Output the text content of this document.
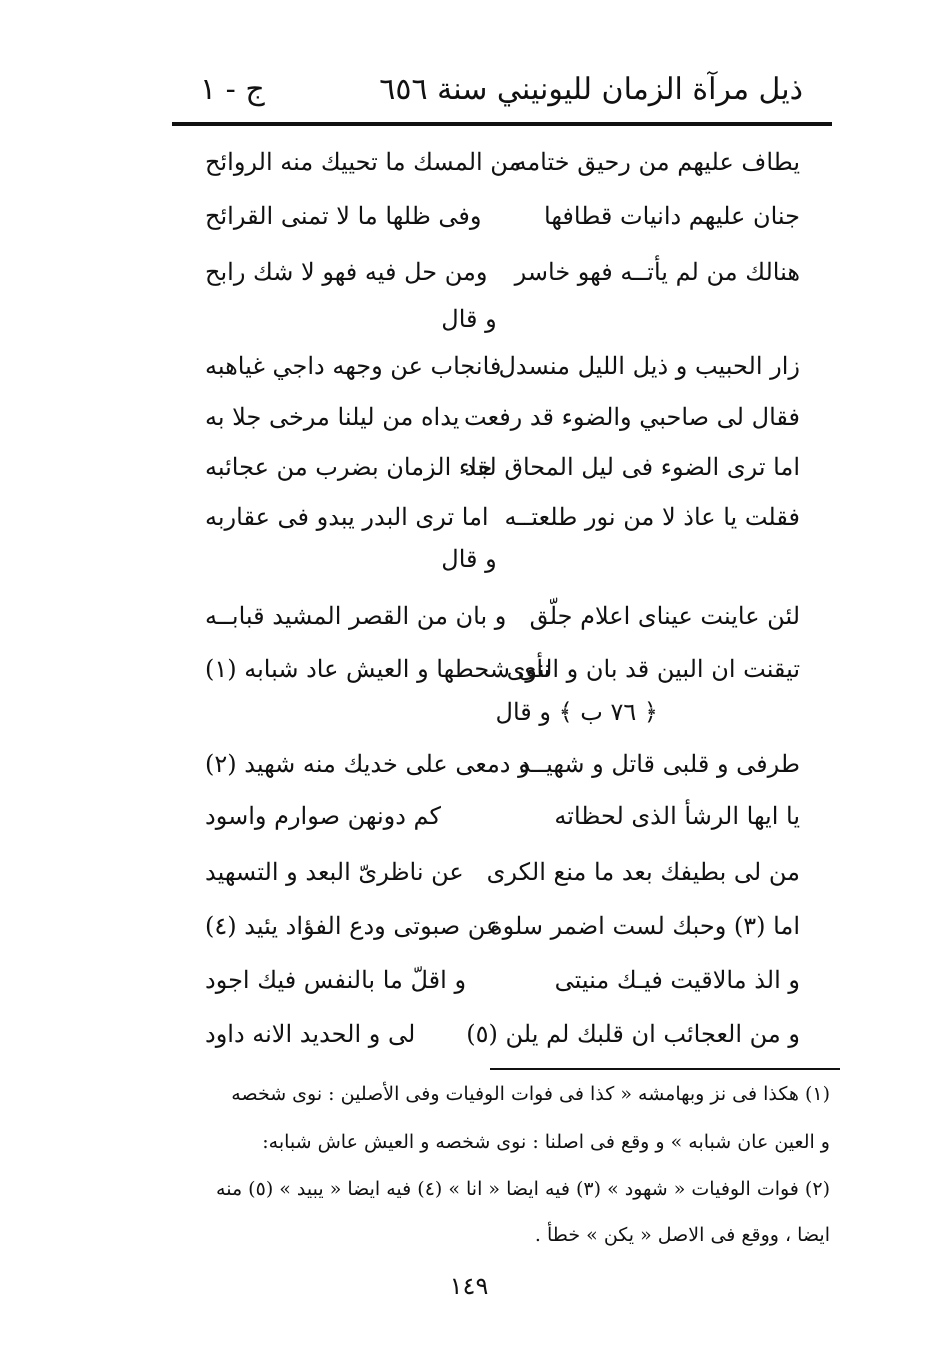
ذيل مرآة الزمان لليونيني سنة ٦٥٦
ج - ١
يطاف عليهم من رحيق ختامه
من المسك ما تحييك منه الروائح
جنان عليهم دانيات قطافها
وفى ظلها ما لا تمنى القرائح
هنالك من لم يأتــه فهو خاسر
ومن حل فيه فهو لا شك رابح
و قال
زار الحبيب و ذيل الليل منسدل
فانجاب عن وجهه داجي غياهبه
فقال لى صاحبي والضوء قد رفعت
يداه من ليلنا مرخى جلا به
اما ترى الضوء فى ليل المحاق لقد
جاء الزمان بضرب من عجائبه
فقلت يا عاذ لا من نور طلعتــه
اما ترى البدر يبدو فى عقاربه
و قال
لئن عاينت عيناى اعلام جلّق
و بان من القصر المشيد قبابــه
تيقنت ان البين قد بان و النوى
نأى شحطها و العيش عاد شبابه (١)
﴿ ٧٦ ب ﴾ و قال
طرفى و قلبى قاتل و شهيــد
و دمعى على خديك منه شهيد (٢)
يا ايها الرشأ الذى لحظاته
كم دونهن صوارم واسود
من لى بطيفك بعد ما منع الكرى
عن ناظرىّ البعد و التسهيد
اما (٣) وحبك لست اضمر سلوة
عن صبوتى ودع الفؤاد يئيد (٤)
و الذ مالاقيت فيـك منيتى
و اقلّ ما بالنفس فيك اجود
و من العجائب ان قلبك لم يلن (٥)
لى و الحديد الانه داود
(١) هكذا فى نز وبهامشه « كذا فى فوات الوفيات وفى الأصلين : نوى شخصه
و العين عان شبابه » و وقع فى اصلنا : نوى شخصه و العيش عاش شبابه:
(٢) فوات الوفيات « شهود » (٣) فيه ايضا « انا » (٤) فيه ايضا « يبيد » (٥) منه
ايضا ، ووقع فى الاصل « يكن » خطأ .
١٤٩
